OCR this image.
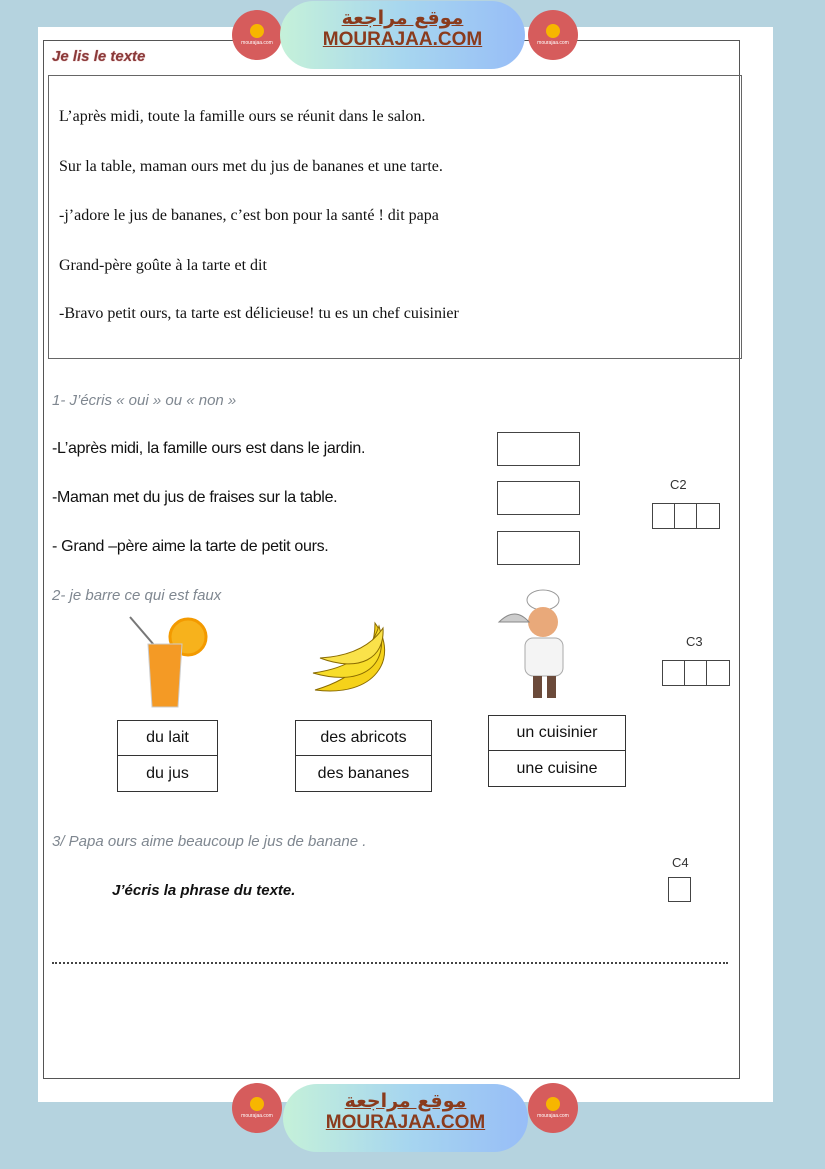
mourajaa.com
موقع مراجعة
MOURAJAA.COM	mourajaa.com
Je lis le texte

L’après midi, toute la famille ours se réunit dans le salon.

Sur la table, maman ours met du jus de bananes et une tarte.

-j’adore le jus de bananes, c’est bon pour la santé ! dit papa

Grand-père goûte à la tarte et dit

-Bravo petit ours, ta tarte est délicieuse! tu es un chef cuisinier

1- J’écris « oui » ou « non »
-L’après midi, la famille ours est dans le jardin.
-Maman met du jus de fraises sur la table.
- Grand –père aime la tarte de petit ours.
C2
2- je barre ce qui est faux
du lait
du jus
des abricots
des bananes
un cuisinier
une cuisine
C3
3/ Papa ours aime beaucoup le jus de banane .
J’écris la phrase du texte.
C4
mourajaa.com
موقع مراجعة
MOURAJAA.COM	mourajaa.com
